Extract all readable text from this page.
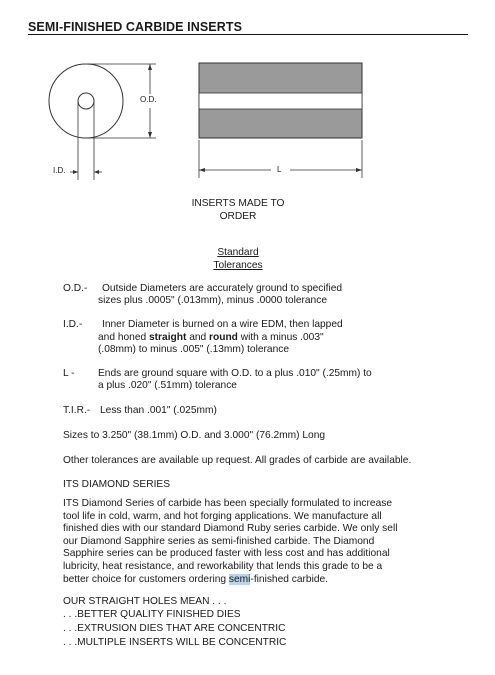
SEMI-FINISHED CARBIDE INSERTS
O.D.
I.D.	L
INSERTS MADE TO
ORDER
Standard
Tolerances
O.D.- Outside Diameters are accurately ground to specified
sizes plus .0005" (.013mm), minus .0000 tolerance
I.D.- Inner Diameter is burned on a wire EDM, then lapped
and honed straight and round with a minus .003"
(.08mm) to minus .005" (.13mm) tolerance
L - Ends are ground square with O.D. to a plus .010" (.25mm) to
a plus .020" (.51mm) tolerance
T.I.R.- Less than .001" (.025mm)
Sizes to 3.250" (38.1mm) O.D. and 3.000" (76.2mm) Long
Other tolerances are available up request. All grades of carbide are available.
ITS DIAMOND SERIES
ITS Diamond Series of carbide has been specially formulated to increase
tool life in cold, warm, and hot forging applications. We manufacture all
finished dies with our standard Diamond Ruby series carbide. We only sell
our Diamond Sapphire series as semi-finished carbide. The Diamond
Sapphire series can be produced faster with less cost and has additional
lubricity, heat resistance, and reworkability that lends this grade to be a
better choice for customers ordering semi-finished carbide.
OUR STRAIGHT HOLES MEAN . . .
. . .BETTER QUALITY FINISHED DIES
. . .EXTRUSION DIES THAT ARE CONCENTRIC
. . .MULTIPLE INSERTS WILL BE CONCENTRIC
